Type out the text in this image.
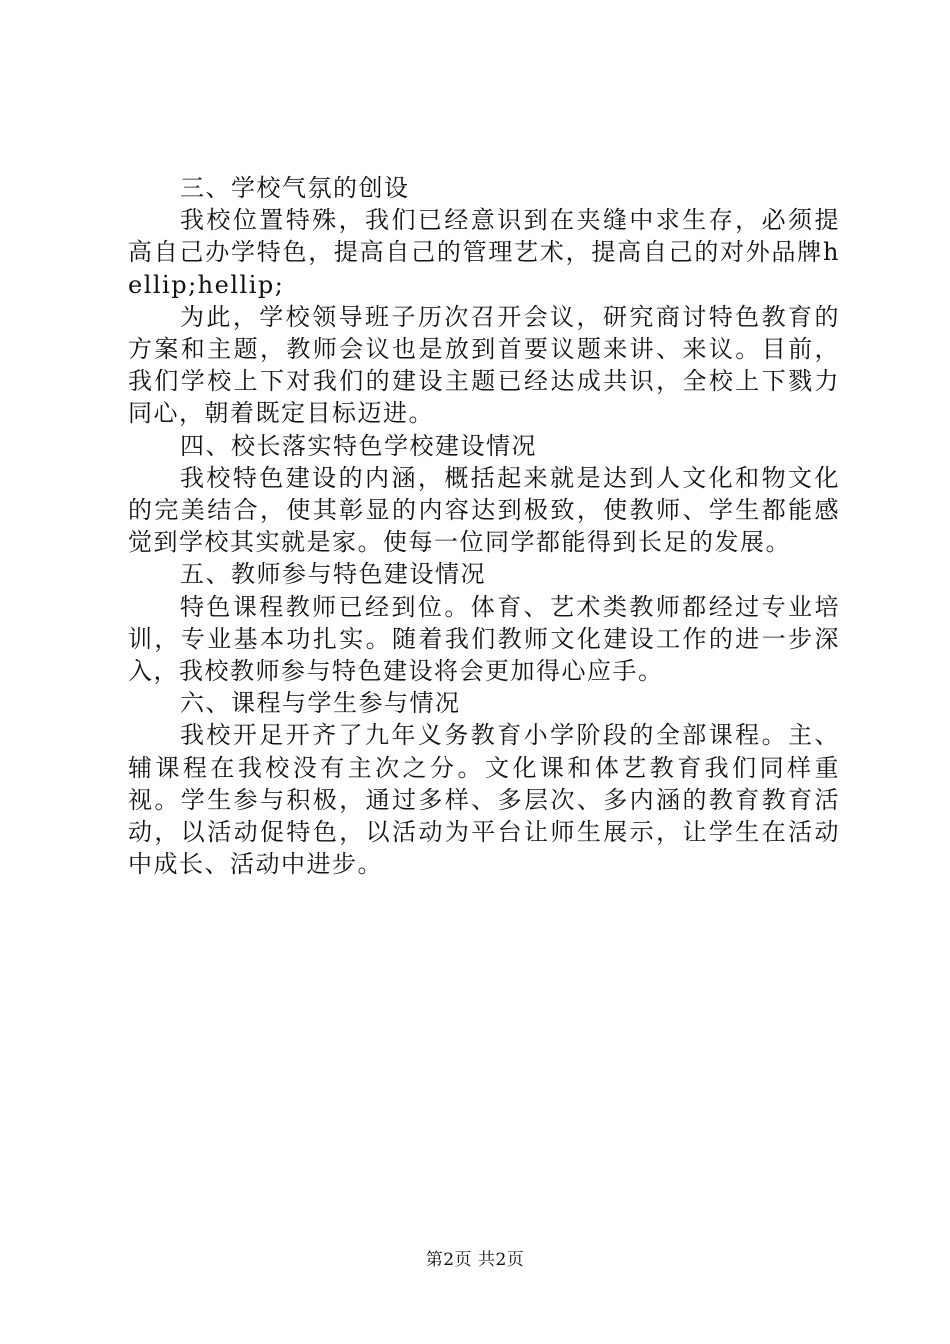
三、学校气氛的创设

我校位置特殊，我们已经意识到在夹缝中求生存，必须提高自己办学特色，提高自己的管理艺术，提高自己的对外品牌hellip;hellip;

为此，学校领导班子历次召开会议，研究商讨特色教育的方案和主题，教师会议也是放到首要议题来讲、来议。目前，我们学校上下对我们的建设主题已经达成共识，全校上下戮力同心，朝着既定目标迈进。

四、校长落实特色学校建设情况

我校特色建设的内涵，概括起来就是达到人文化和物文化的完美结合，使其彰显的内容达到极致，使教师、学生都能感觉到学校其实就是家。使每一位同学都能得到长足的发展。

五、教师参与特色建设情况

特色课程教师已经到位。体育、艺术类教师都经过专业培训，专业基本功扎实。随着我们教师文化建设工作的进一步深入，我校教师参与特色建设将会更加得心应手。

六、课程与学生参与情况

我校开足开齐了九年义务教育小学阶段的全部课程。主、辅课程在我校没有主次之分。文化课和体艺教育我们同样重视。学生参与积极，通过多样、多层次、多内涵的教育教育活动，以活动促特色，以活动为平台让师生展示，让学生在活动中成长、活动中进步。

第2页 共2页
